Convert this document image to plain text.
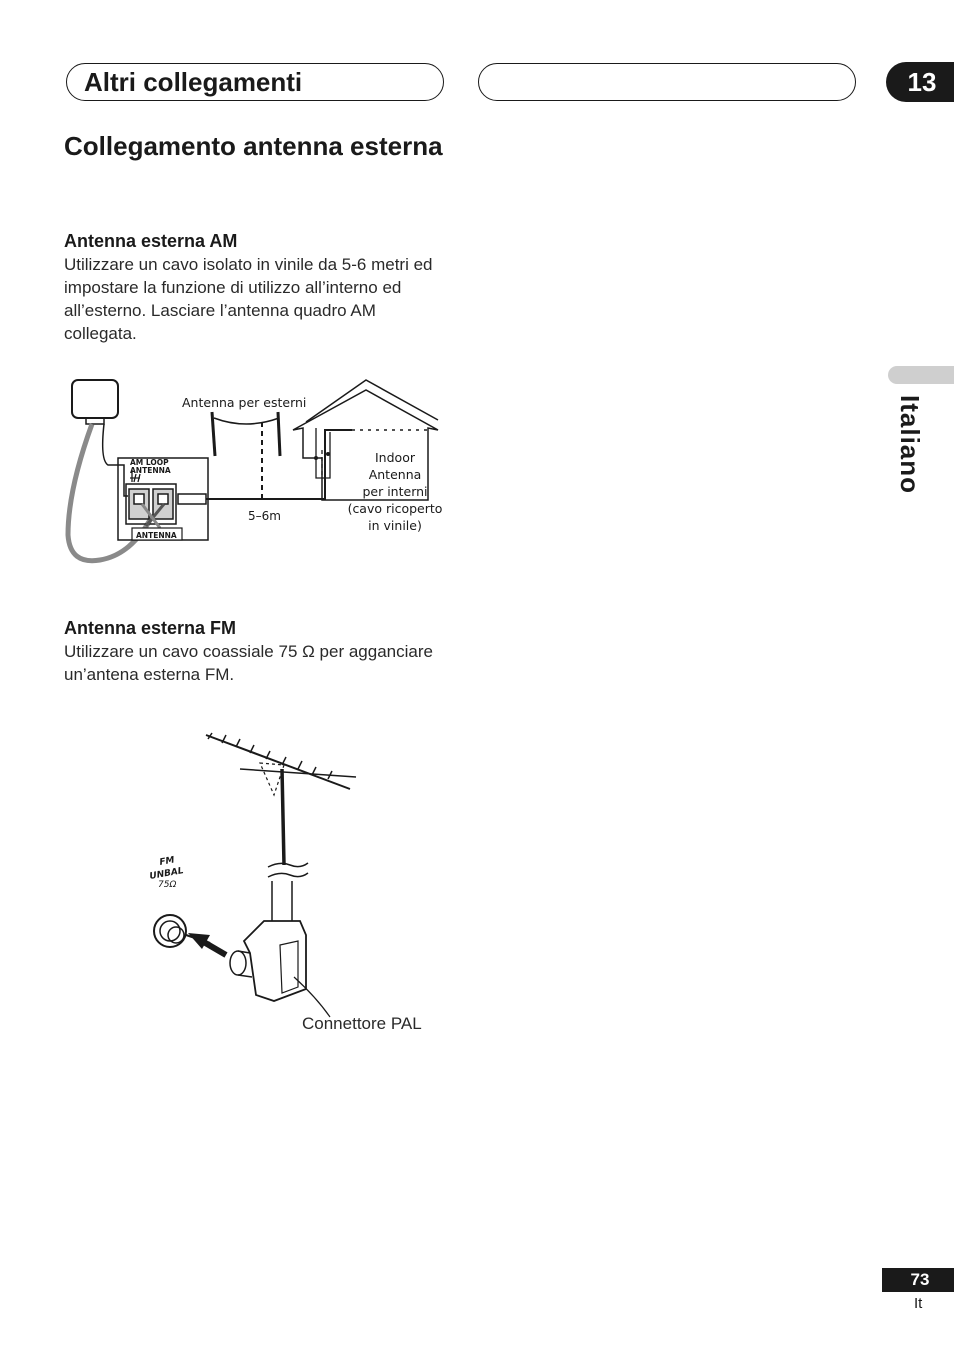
Altri collegamenti	13
Collegamento antenna esterna
Antenna esterna AM

Utilizzare un cavo isolato in vinile da 5-6 metri ed impostare la funzione di utilizzo all’interno ed all’esterno. Lasciare l’antenna quadro AM collegata.

Antenna per esterni
AM LOOP
ANTENNA
ANTENNA
5–6m
Indoor
Antenna
per interni
(cavo ricoperto
in vinile)
Antenna esterna FM

Utilizzare un cavo coassiale 75 Ω per agganciare un’antena esterna FM.

FM
UNBAL
75Ω
Connettore PAL
Italiano
73
It
